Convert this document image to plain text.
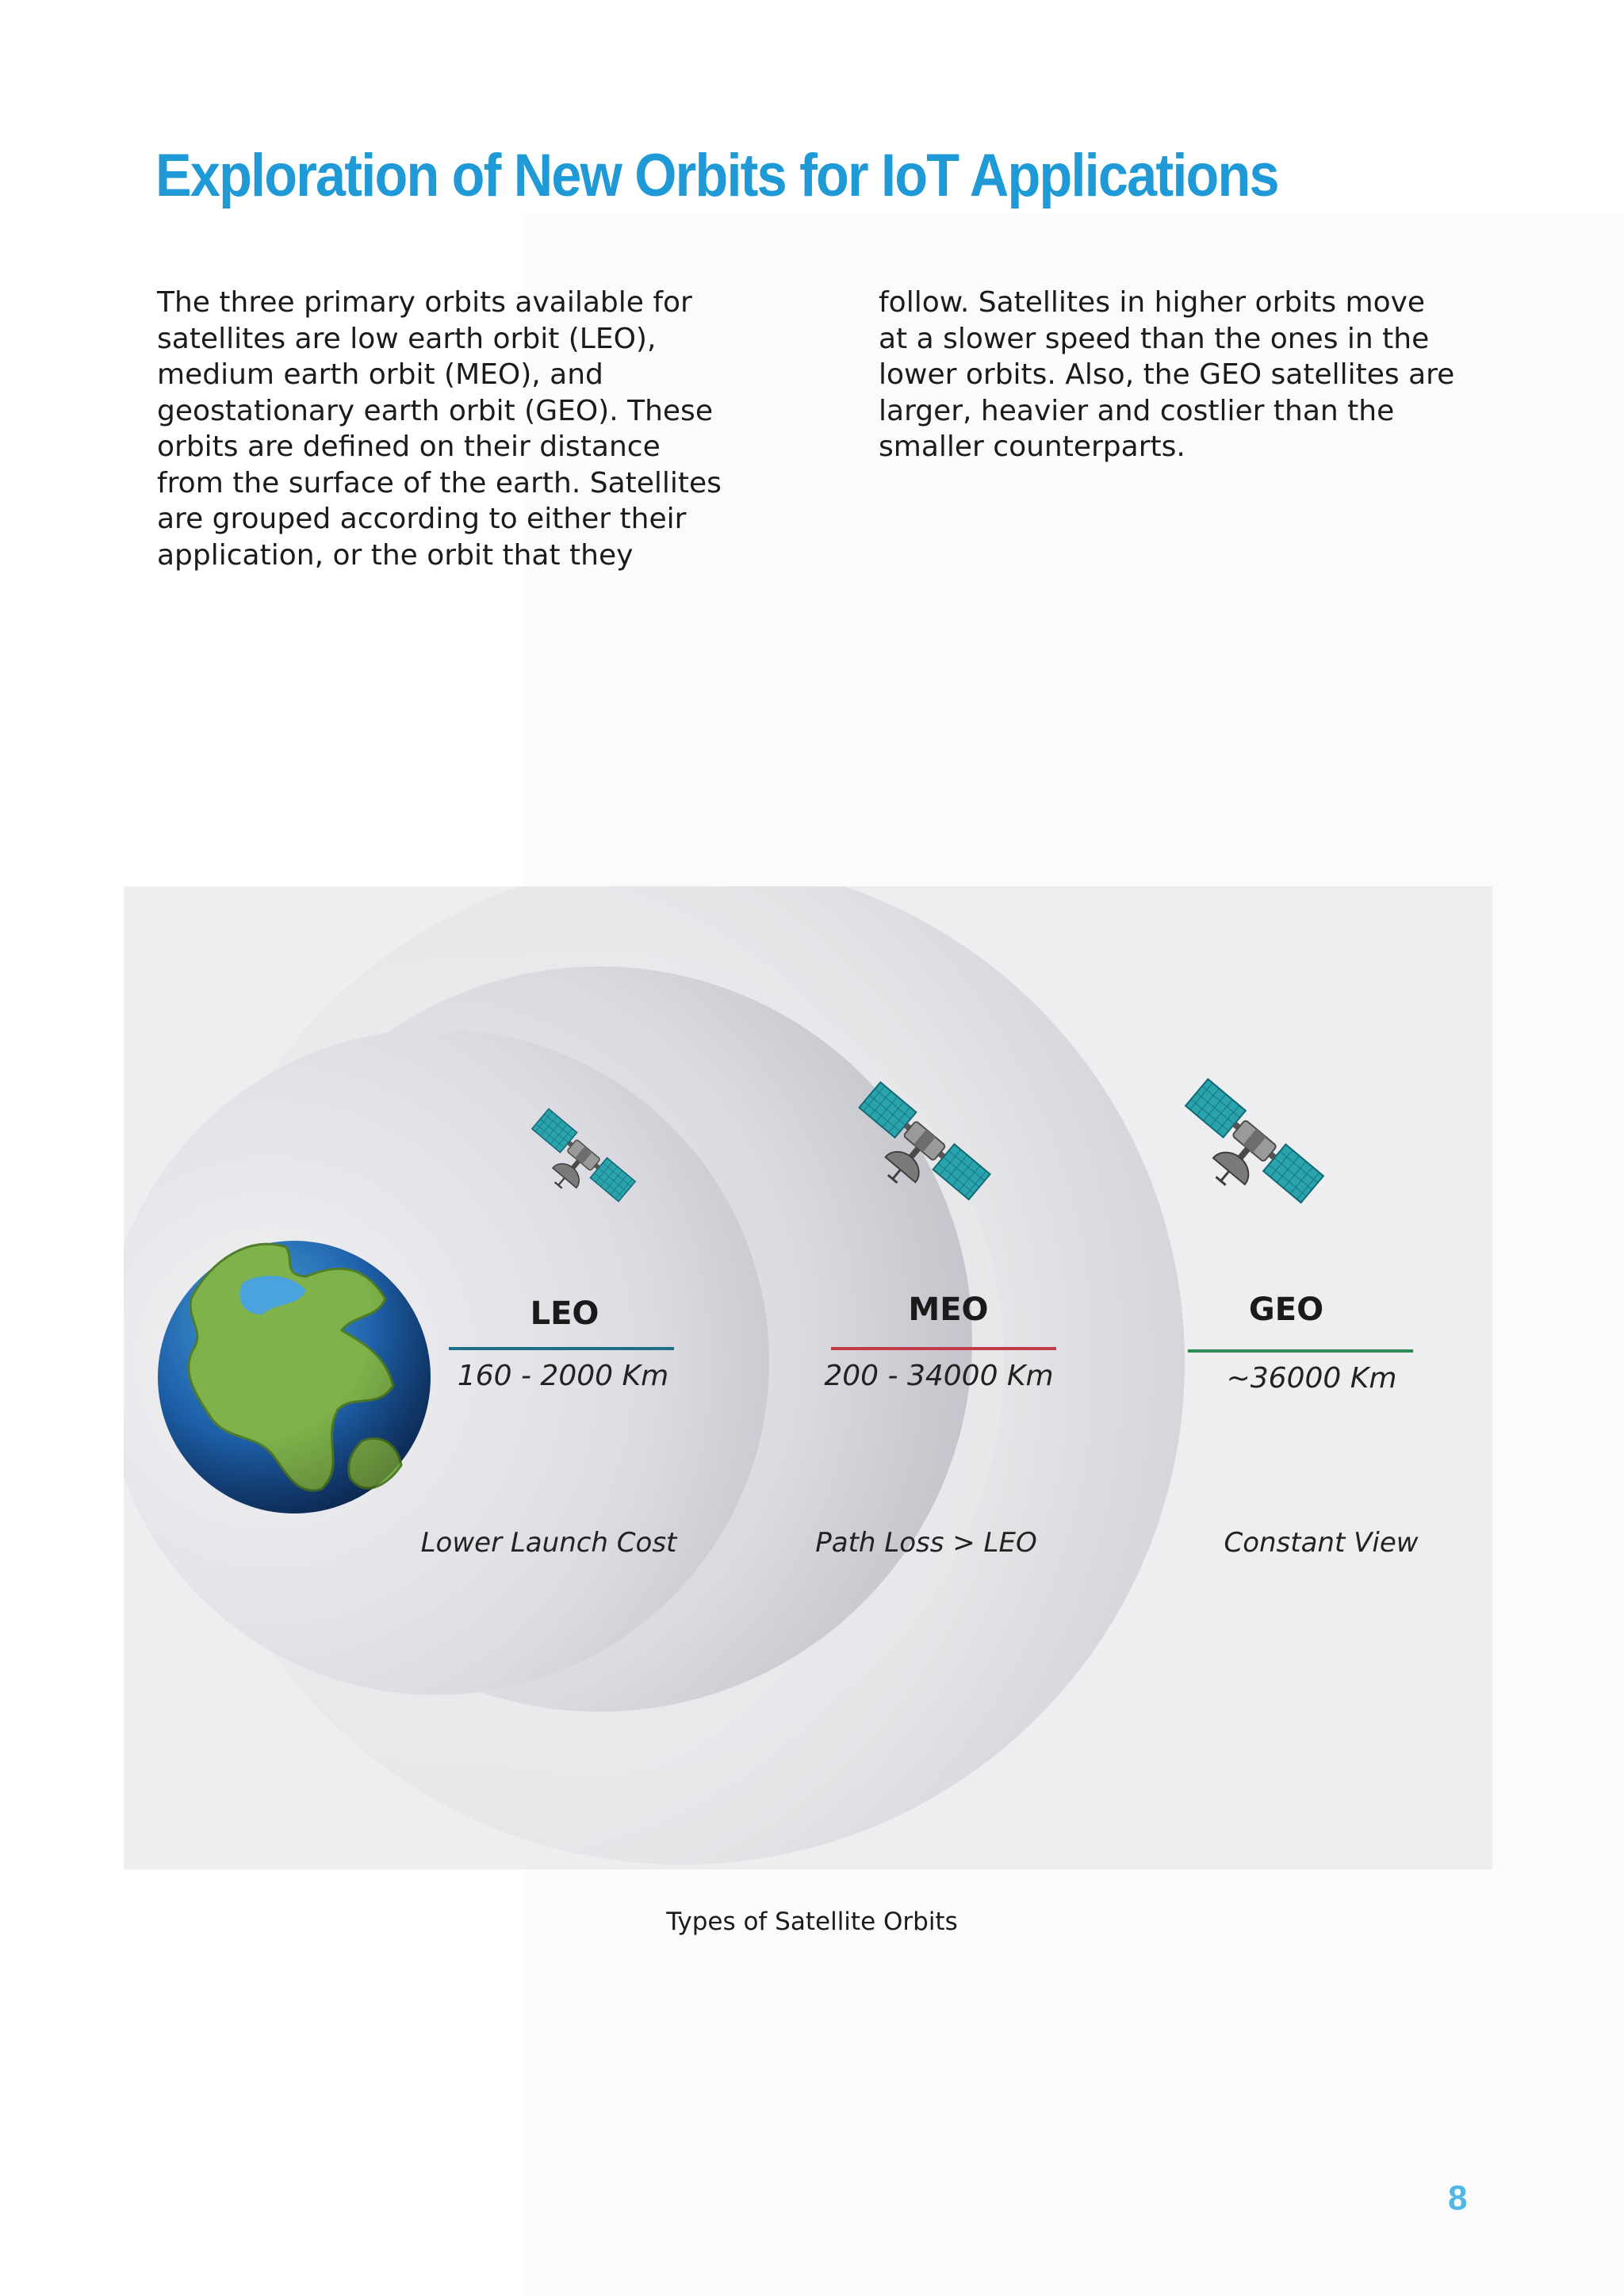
Exploration of New Orbits for IoT Applications
The three primary orbits available for
satellites are low earth orbit (LEO),
medium earth orbit (MEO), and
geostationary earth orbit (GEO). These
orbits are defined on their distance
from the surface of the earth. Satellites
are grouped according to either their
application, or the orbit that they
follow. Satellites in higher orbits move
at a slower speed than the ones in the
lower orbits. Also, the GEO satellites are
larger, heavier and costlier than the
smaller counterparts.
LEO	MEO	GEO
160 - 2000 Km	200 - 34000 Km	~36000 Km
Lower Launch Cost	Path Loss > LEO	Constant View
Types of Satellite Orbits
8
